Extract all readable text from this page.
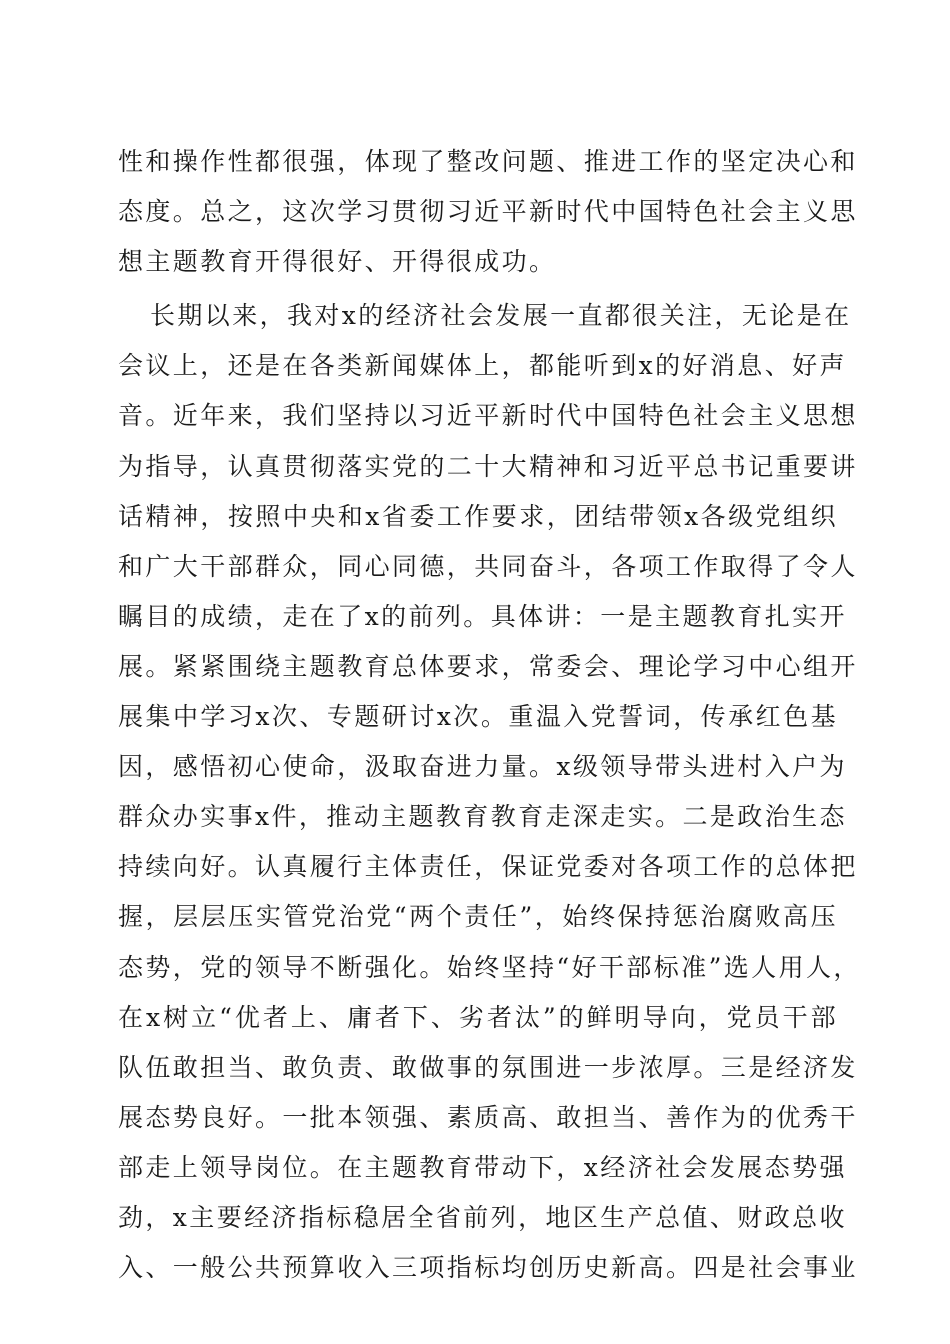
性和操作性都很强，体现了整改问题、推进工作的坚定决心和
态度。总之，这次学习贯彻习近平新时代中国特色社会主义思
想主题教育开得很好、开得很成功。
长期以来，我对x的经济社会发展一直都很关注，无论是在
会议上，还是在各类新闻媒体上，都能听到x的好消息、好声
音。近年来，我们坚持以习近平新时代中国特色社会主义思想
为指导，认真贯彻落实党的二十大精神和习近平总书记重要讲
话精神，按照中央和x省委工作要求，团结带领x各级党组织
和广大干部群众，同心同德，共同奋斗，各项工作取得了令人
瞩目的成绩，走在了x的前列。具体讲：一是主题教育扎实开
展。紧紧围绕主题教育总体要求，常委会、理论学习中心组开
展集中学习x次、专题研讨x次。重温入党誓词，传承红色基
因，感悟初心使命，汲取奋进力量。x级领导带头进村入户为
群众办实事x件，推动主题教育教育走深走实。二是政治生态
持续向好。认真履行主体责任，保证党委对各项工作的总体把
握，层层压实管党治党“两个责任”，始终保持惩治腐败高压
态势，党的领导不断强化。始终坚持“好干部标准”选人用人，
在x树立“优者上、庸者下、劣者汰”的鲜明导向，党员干部
队伍敢担当、敢负责、敢做事的氛围进一步浓厚。三是经济发
展态势良好。一批本领强、素质高、敢担当、善作为的优秀干
部走上领导岗位。在主题教育带动下，x经济社会发展态势强
劲，x主要经济指标稳居全省前列，地区生产总值、财政总收
入、一般公共预算收入三项指标均创历史新高。四是社会事业
